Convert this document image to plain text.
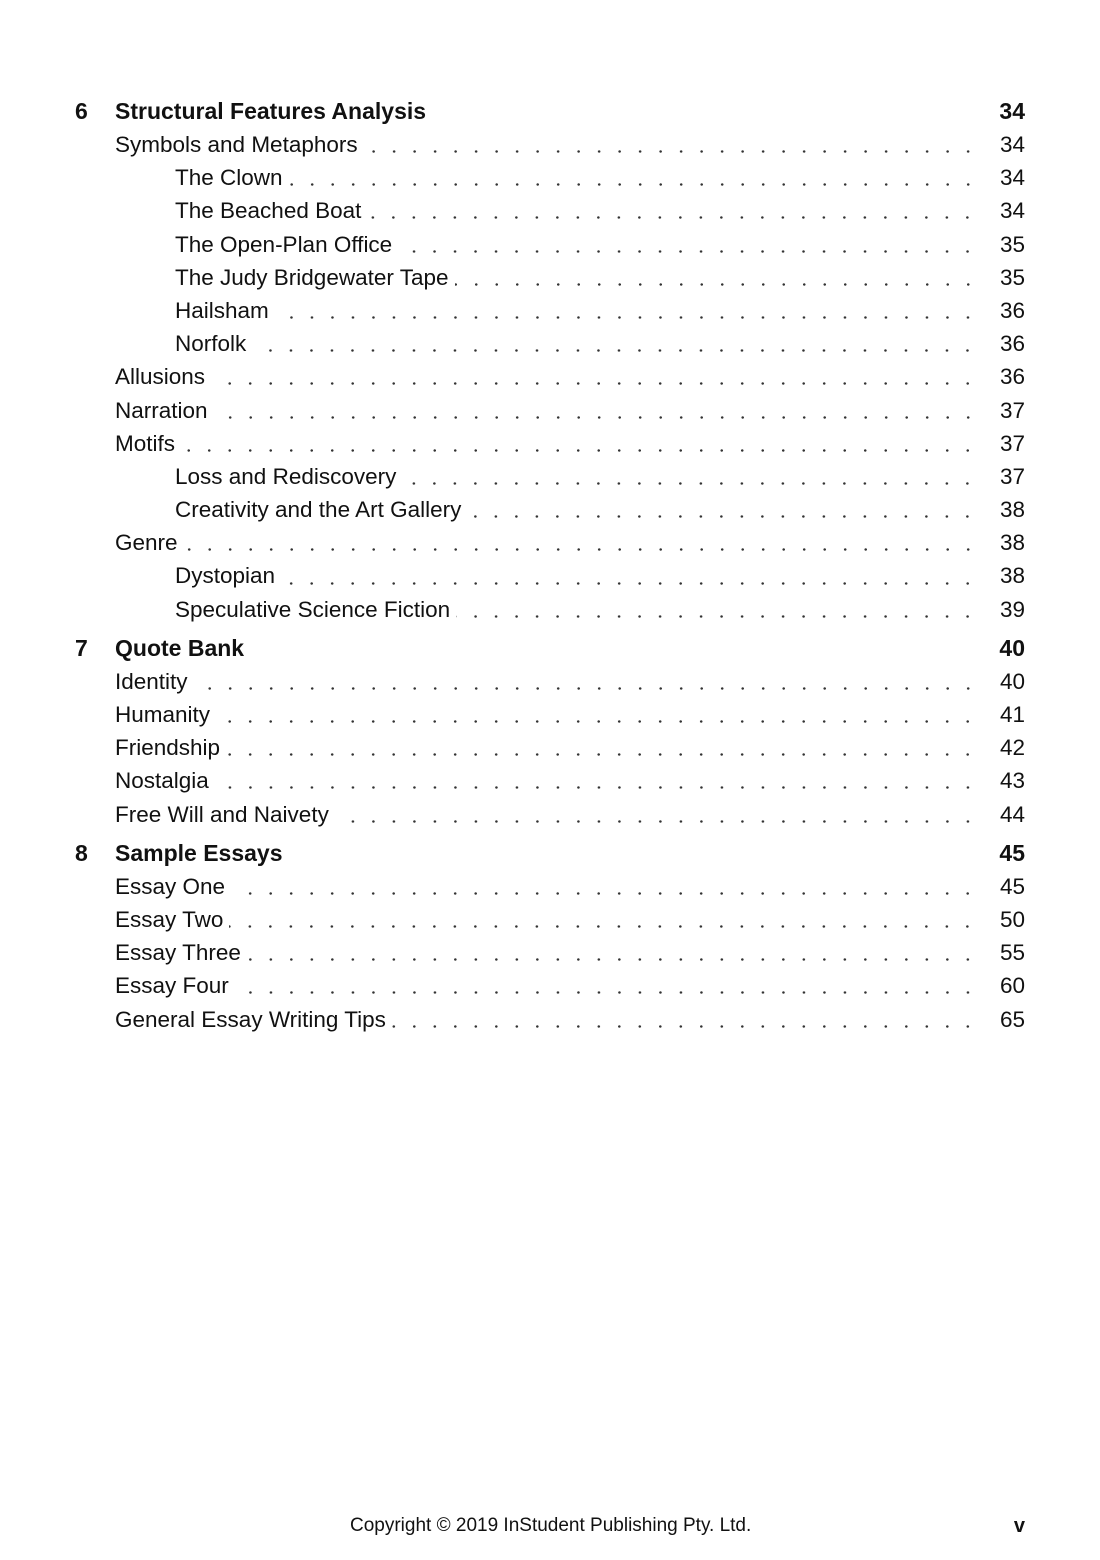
6 Structural Features Analysis	34
Symbols and Metaphors	34
The Clown	34
The Beached Boat	34
The Open-Plan Office	35
The Judy Bridgewater Tape	35
Hailsham	36
Norfolk	36
Allusions	36
Narration	37
Motifs	37
Loss and Rediscovery	37
Creativity and the Art Gallery	38
Genre	38
Dystopian	38
Speculative Science Fiction	39
7 Quote Bank	40
Identity	40
Humanity	41
Friendship	42
Nostalgia	43
Free Will and Naivety	44
8 Sample Essays	45
Essay One	45
Essay Two	50
Essay Three	55
Essay Four	60
General Essay Writing Tips	65
Copyright © 2019 InStudent Publishing Pty. Ltd.	v
